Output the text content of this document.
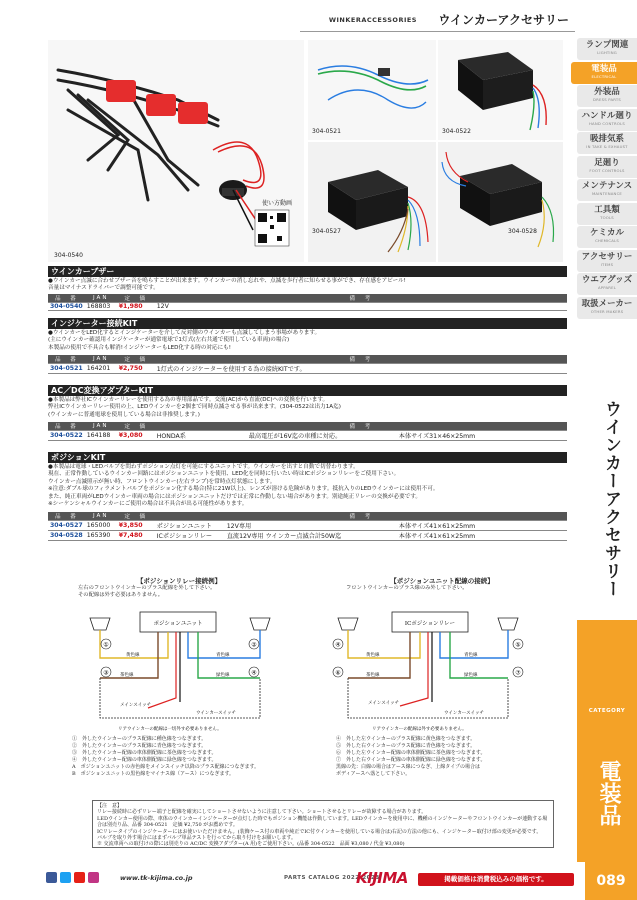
WINKERACCESSORIES ウインカーアクセサリー
使い方動画
304-0540
304-0521	304-0522
304-0527	304-0528
ウインカーブザー
●ウインカー点滅に合わせブザー音を鳴らすことが出来ます。ウインカーの消し忘れや、点滅を歩行者に知らせる事ができ、存在感をアピール!
音量はマイナスドライバーで調整可能です。
品　番	JAN	定　価	備　考
304-0540	168803	¥1,980	12V
インジケーター接続KIT
●ウインカーをLED化するとインジケーターを介して反対側のウインカーも点滅してしまう事場があります。
(主にウインカー確認用インジケーターが通常電球で1灯式(左右共通で使用している車両)の場合)
本製品の使用で不具合も解消!インジケーターもLED化する時の対応にも!
品　番	JAN	定　価	備　考
304-0521	164201	¥2,750	1灯式のインジケーターを使用する為の接続KITです。
AC／DC変換アダプターKIT
●本製品は弊社ICウインカーリレーを使用する為の専用部品です。交流(AC)から直流(DC)への変換を行います。
弊社ICウインカーリレー使用の上、LEDウインカーを2個まで同時点滅させる事が出来ます。(304-0522は出力1A迄)
(ウインカーに普通電球を使用している場合は非推奨します。)
品　番	JAN	定　価	備　考		
304-0522	164188	¥3,080	HONDA系	最高電圧が16V迄の車種に対応。	本体サイズ31×46×25mm
ポジションKIT
●本製品は電球・LEDバルブを問わずポジション点灯を可能にするユニットです。ウインカーを出すと自動で切替わります。
現在、正常作動しているウインカー回路にはポジションユニットを使用、LED化を同時に行いたい時はICポジションリレーをご使用下さい。
ウインカー点滅照示が無い時、フロントウインカー(左右ランプ)を常時点灯状態にします。
※注意:ダブル球のフィラメントバルブをポジション化する場合(特に21W以上)、レンズが溶ける危険があります。抵抗入りのLEDウインカーには使用不可。
また、純正車両がLEDウインカー車両の場合にはポジションユニットだけでは正常に作動しない場合があります。別途純正リレーの交換が必要です。
※シーケンシャルウインカーにご使用の場合は不具合が出る可能性があります。
品　番	JAN	定　価	備　考		
304-0527	165000	¥3,850	ポジションユニット	12V専用	本体サイズ41×61×25mm
304-0528	165390	¥7,480	ICポジションリレー	直流12V専用 ウインカー点滅合計50W迄	本体サイズ41×61×25mm
【ポジションリレー接続例】
左右のフロントウインカーのプラス配線を外して下さい。
その配線は外す必要はありません。
ポジションユニット
①	②
③	④
黄色線	青色線
茶色線	緑色線
メインスイッチ
ウインカースイッチ
リアウインカーの配線は一切外す必要ありません。
①　外したウインカーのプラス配線に種色線をつなぎます。
②　外したウインカーのプラス配線に青色線をつなぎます。
③　外したウインカー配線の車体側配線に茶色線をつなぎます。
④　外したウインカー配線の車体側配線に緑色線をつなぎます。
A　ポジションユニットの赤色線をメインスイッチ以降のプラス配線につなぎます。
B　ポジションユニットの黒色線をマイナス線（アース）につなぎます。
【ポジションユニット配線の接続】
フロントウインカーのプラス線のみ外して下さい。
ICポジションリレー
④	⑤
⑥	⑦
黄色線	青色線
茶色線	緑色線
メインスイッチ
ウインカースイッチ
リアウインカーの配線は外す必要ありません。
④　外した左ウインカーのプラス配線に黄色線をつなぎます。
⑤　外した右ウインカーのプラス配線に青色線をつなぎます。
⑥　外した左ウインカー配線の車体側配線に茶色線をつなぎます。
⑦　外した右ウインカー配線の車体側配線に緑色線をつなぎます。
黒線の先：白線の場合はアース線につなぎ、上線タイプの場合は
ボディアースへ落として下さい。
【注　意】
リレー接続時に必ずリレー端子と配線を確実にしてショートさせないように注意して下さい。ショートさせるとリレーが故障する場合があります。
LEDウインカー使用の際、車体のウインカーインジケーターが点灯した時でもポジション機能は作動しています。LEDウインカーを使用中に、機種のインジケーターやフロントウインカーが連動する場合は別売り品、品番 304-0521　定価 ¥2,750 がお薦めです。
ICリレータイプのインジケーターにはお使いいただけません。(装飾ケース付の車両や純正でIC付ウインカーを使用している場合は)右記の方法の他にも、インジケーター取付け部の変更が必要です。
バルブを取り外す場合にはまずバルブ単品テストを行ってから取り付けをお願いします。
※ 交流車両への取付けの際には別売りの AC/DC 変換アダプター(A 用)をご使用下さい。(品番 304-0522　品面 ¥3,080 / 代金 ¥3,080)
www.tk-kijima.co.jp	PARTS CATALOG 2022-2023
KIJIMA	掲載価格は消費税込みの価格です。
ランプ関連
LIGHTING
電装品
ELECTRICAL
外装品
DRESS PARTS
ハンドル廻り
HAND CONTROLS
吸排気系
IN TAKE & EXHAUST
足廻り
FOOT CONTROLS
メンテナンス
MAINTENANCE
工具類
TOOLS
ケミカル
CHEMICALS
アクセサリー
ITEMS
ウエアグッズ
APPAREL
取扱メーカー
OTHER MAKERS
ウインカーアクセサリー
CATEGORY
電装品
089
